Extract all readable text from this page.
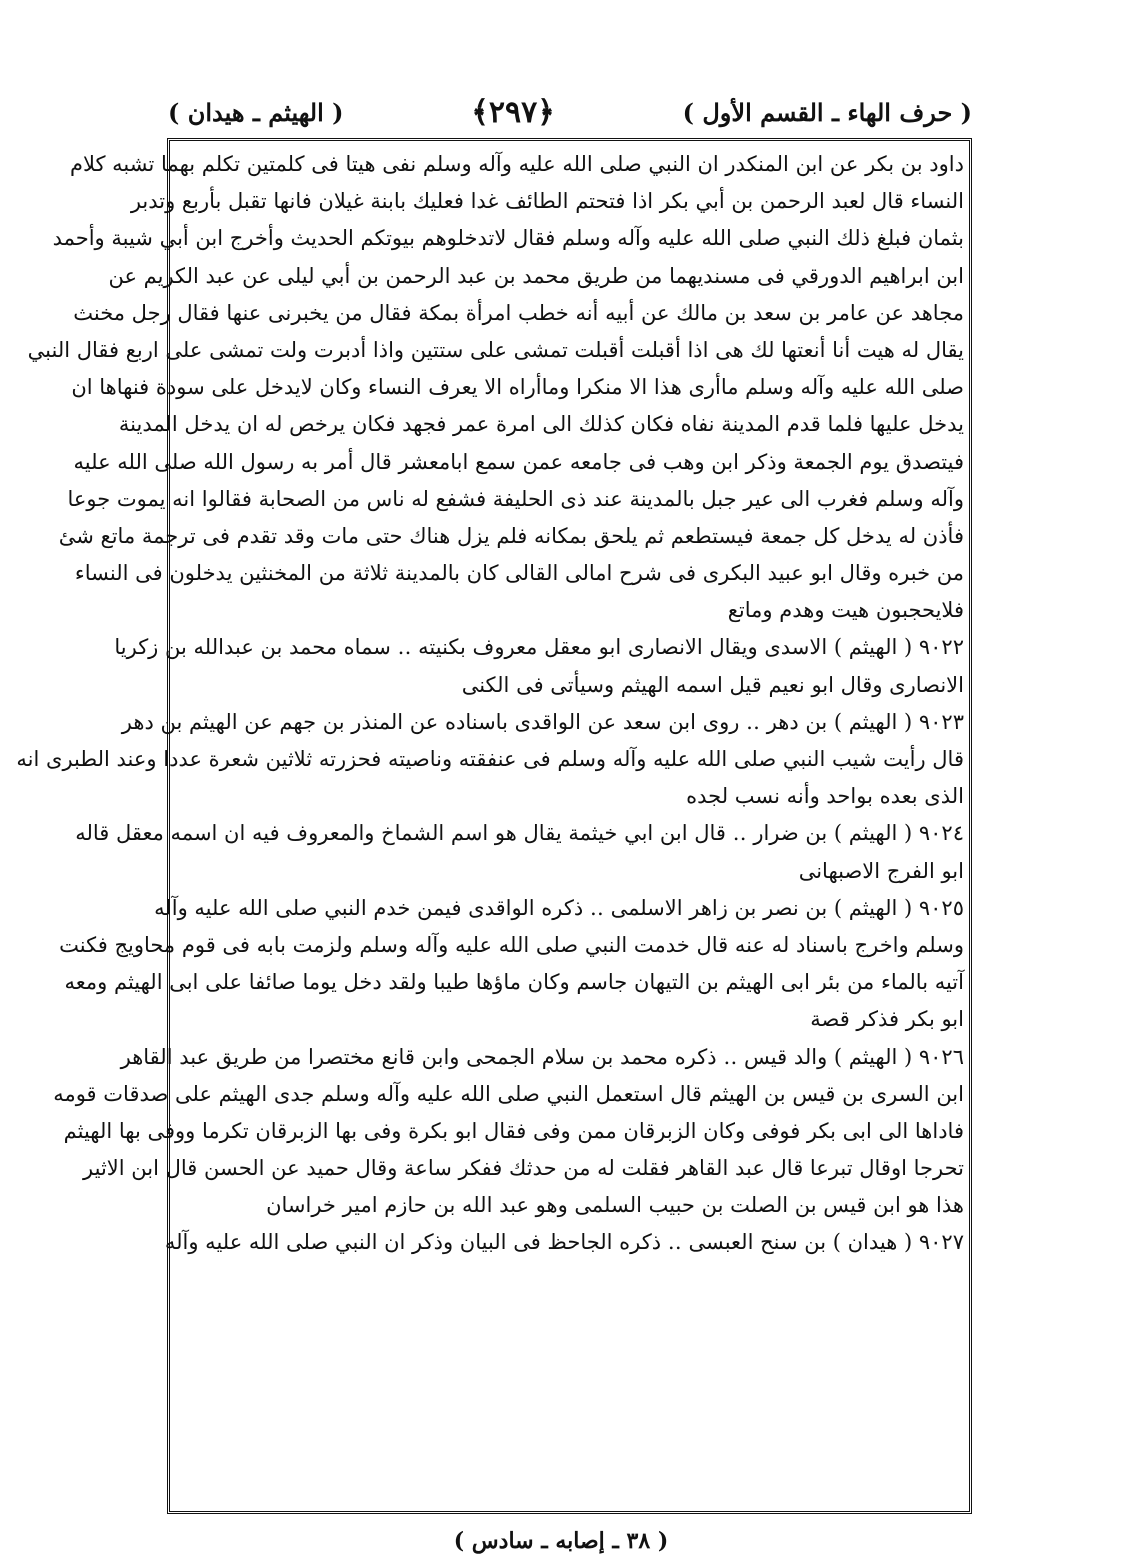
( حرف الهاء ـ القسم الأول )
﴿٢٩٧﴾
( الهيثم ـ هيدان )
داود بن بكر عن ابن المنكدر ان النبي صلى الله عليه وآله وسلم نفى هيتا فى كلمتين تكلم بهما تشبه كلام
النساء قال لعبد الرحمن بن أبي بكر اذا فتحتم الطائف غدا فعليك بابنة غيلان فانها تقبل بأربع وتدبر
بثمان فبلغ ذلك النبي صلى الله عليه وآله وسلم فقال لاتدخلوهم بيوتكم الحديث وأخرج ابن أبي شيبة وأحمد
ابن ابراهيم الدورقي فى مسنديهما من طريق محمد بن عبد الرحمن بن أبي ليلى عن عبد الكريم عن
مجاهد عن عامر بن سعد بن مالك عن أبيه أنه خطب امرأة بمكة فقال من يخبرنى عنها فقال رجل مخنث
يقال له هيت أنا أنعتها لك هى اذا أقبلت أقبلت تمشى على ستتين واذا أدبرت ولت تمشى على اربع فقال النبي
صلى الله عليه وآله وسلم ماأرى هذا الا منكرا وماأراه الا يعرف النساء وكان لايدخل على سودة فنهاها ان
يدخل عليها فلما قدم المدينة نفاه فكان كذلك الى امرة عمر فجهد فكان يرخص له ان يدخل المدينة
فيتصدق يوم الجمعة وذكر ابن وهب فى جامعه عمن سمع ابامعشر قال أمر به رسول الله صلى الله عليه
وآله وسلم فغرب الى عير جبل بالمدينة عند ذى الحليفة فشفع له ناس من الصحابة فقالوا انه يموت جوعا
فأذن له يدخل كل جمعة فيستطعم ثم يلحق بمكانه فلم يزل هناك حتى مات وقد تقدم فى ترجمة ماتع شئ
من خبره وقال ابو عبيد البكرى فى شرح امالى القالى كان بالمدينة ثلاثة من المخنثين يدخلون فى النساء
فلايحجبون هيت وهدم وماتع
٩٠٢٢ ( الهيثم ) الاسدى ويقال الانصارى ابو معقل معروف بكنيته ‥ سماه محمد بن عبدالله بن زكريا
الانصارى وقال ابو نعيم قيل اسمه الهيثم وسيأتى فى الكنى
٩٠٢٣ ( الهيثم ) بن دهر ‥ روى ابن سعد عن الواقدى باسناده عن المنذر بن جهم عن الهيثم بن دهر
قال رأيت شيب النبي صلى الله عليه وآله وسلم فى عنفقته وناصيته فحزرته ثلاثين شعرة عددا وعند الطبرى انه
الذى بعده بواحد وأنه نسب لجده
٩٠٢٤ ( الهيثم ) بن ضرار ‥ قال ابن ابي خيثمة يقال هو اسم الشماخ والمعروف فيه ان اسمه معقل قاله
ابو الفرج الاصبهانى
٩٠٢٥ ( الهيثم ) بن نصر بن زاهر الاسلمى ‥ ذكره الواقدى فيمن خدم النبي صلى الله عليه وآله
وسلم واخرج باسناد له عنه قال خدمت النبي صلى الله عليه وآله وسلم ولزمت بابه فى قوم محاويج فكنت
آتيه بالماء من بئر ابى الهيثم بن التيهان جاسم وكان ماؤها طيبا ولقد دخل يوما صائفا على ابى الهيثم ومعه
ابو بكر فذكر قصة
٩٠٢٦ ( الهيثم ) والد قيس ‥ ذكره محمد بن سلام الجمحى وابن قانع مختصرا من طريق عبد القاهر
ابن السرى بن قيس بن الهيثم قال استعمل النبي صلى الله عليه وآله وسلم جدى الهيثم على صدقات قومه
فاداها الى ابى بكر فوفى وكان الزبرقان ممن وفى فقال ابو بكرة وفى بها الزبرقان تكرما ووفى بها الهيثم
تحرجا اوقال تبرعا قال عبد القاهر فقلت له من حدثك ففكر ساعة وقال حميد عن الحسن قال ابن الاثير
هذا هو ابن قيس بن الصلت بن حبيب السلمى وهو عبد الله بن حازم امير خراسان
٩٠٢٧ ( هيدان ) بن سنح العبسى ‥ ذكره الجاحظ فى البيان وذكر ان النبي صلى الله عليه وآله
( ٣٨ ـ إصابه ـ سادس )
